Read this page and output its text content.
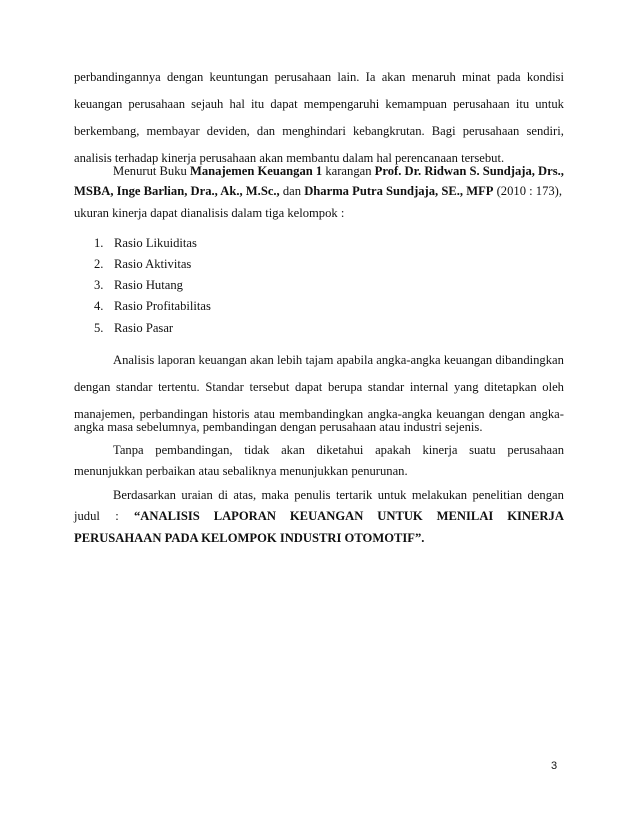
perbandingannya dengan keuntungan perusahaan lain. Ia akan menaruh minat pada kondisi
keuangan perusahaan sejauh hal itu dapat mempengaruhi kemampuan perusahaan itu untuk
berkembang, membayar deviden, dan menghindari kebangkrutan. Bagi perusahaan sendiri,
analisis terhadap kinerja perusahaan akan membantu dalam hal perencanaan tersebut.
Menurut Buku Manajemen Keuangan 1 karangan Prof. Dr. Ridwan S. Sundjaja, Drs.,
MSBA, Inge Barlian, Dra., Ak., M.Sc., dan Dharma Putra Sundjaja, SE., MFP (2010 : 173),
ukuran kinerja dapat dianalisis dalam tiga kelompok :
1. Rasio Likuiditas
2. Rasio Aktivitas
3. Rasio Hutang
4. Rasio Profitabilitas
5. Rasio Pasar
Analisis laporan keuangan akan lebih tajam apabila angka-angka keuangan dibandingkan
dengan standar tertentu. Standar tersebut dapat berupa standar internal yang ditetapkan oleh
manajemen, perbandingan historis atau membandingkan angka-angka keuangan dengan angka-
angka masa sebelumnya, pembandingan dengan perusahaan atau industri sejenis.
Tanpa pembandingan, tidak akan diketahui apakah kinerja suatu perusahaan
menunjukkan perbaikan atau sebaliknya menunjukkan penurunan.
Berdasarkan uraian di atas, maka penulis tertarik untuk melakukan penelitian dengan
judul : “ANALISIS LAPORAN KEUANGAN UNTUK MENILAI KINERJA
PERUSAHAAN PADA KELOMPOK INDUSTRI OTOMOTIF”.
3
